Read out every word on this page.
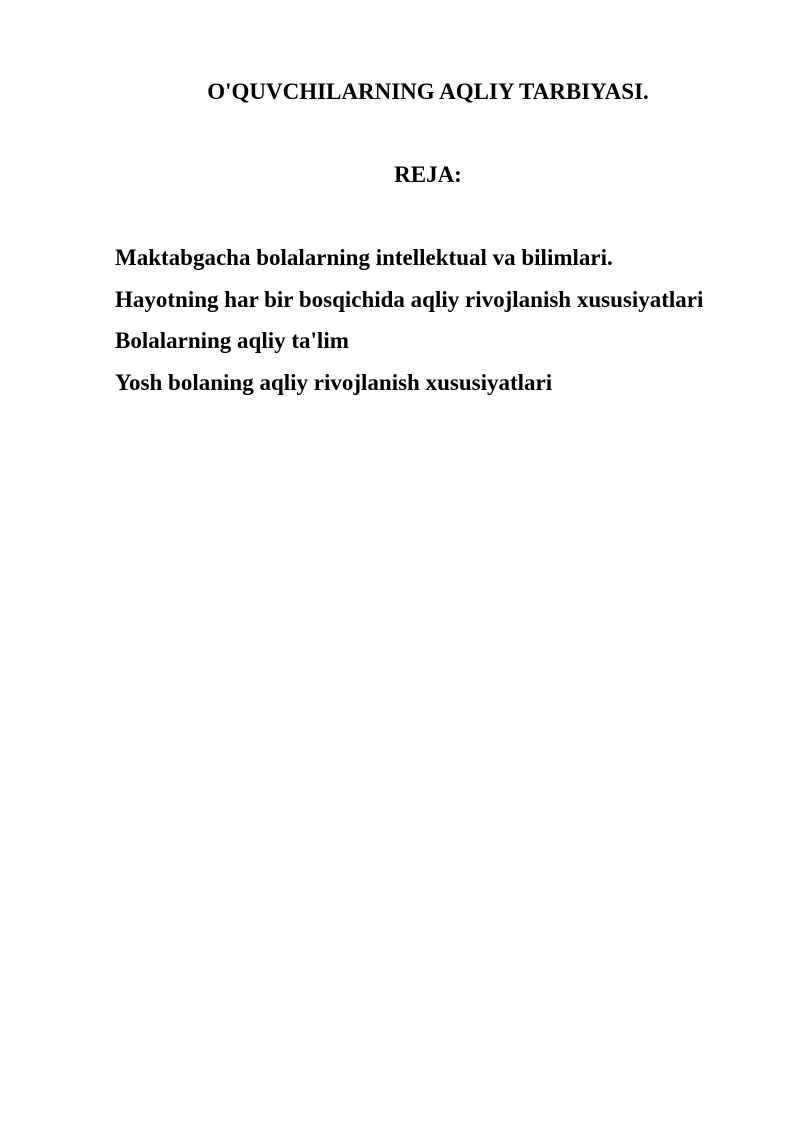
O'QUVCHILARNING AQLIY TARBIYASI.
REJA:
Maktabgacha bolalarning intellektual va bilimlari.
Hayotning har bir bosqichida aqliy rivojlanish xususiyatlari
Bolalarning aqliy ta'lim
Yosh bolaning aqliy rivojlanish xususiyatlari
